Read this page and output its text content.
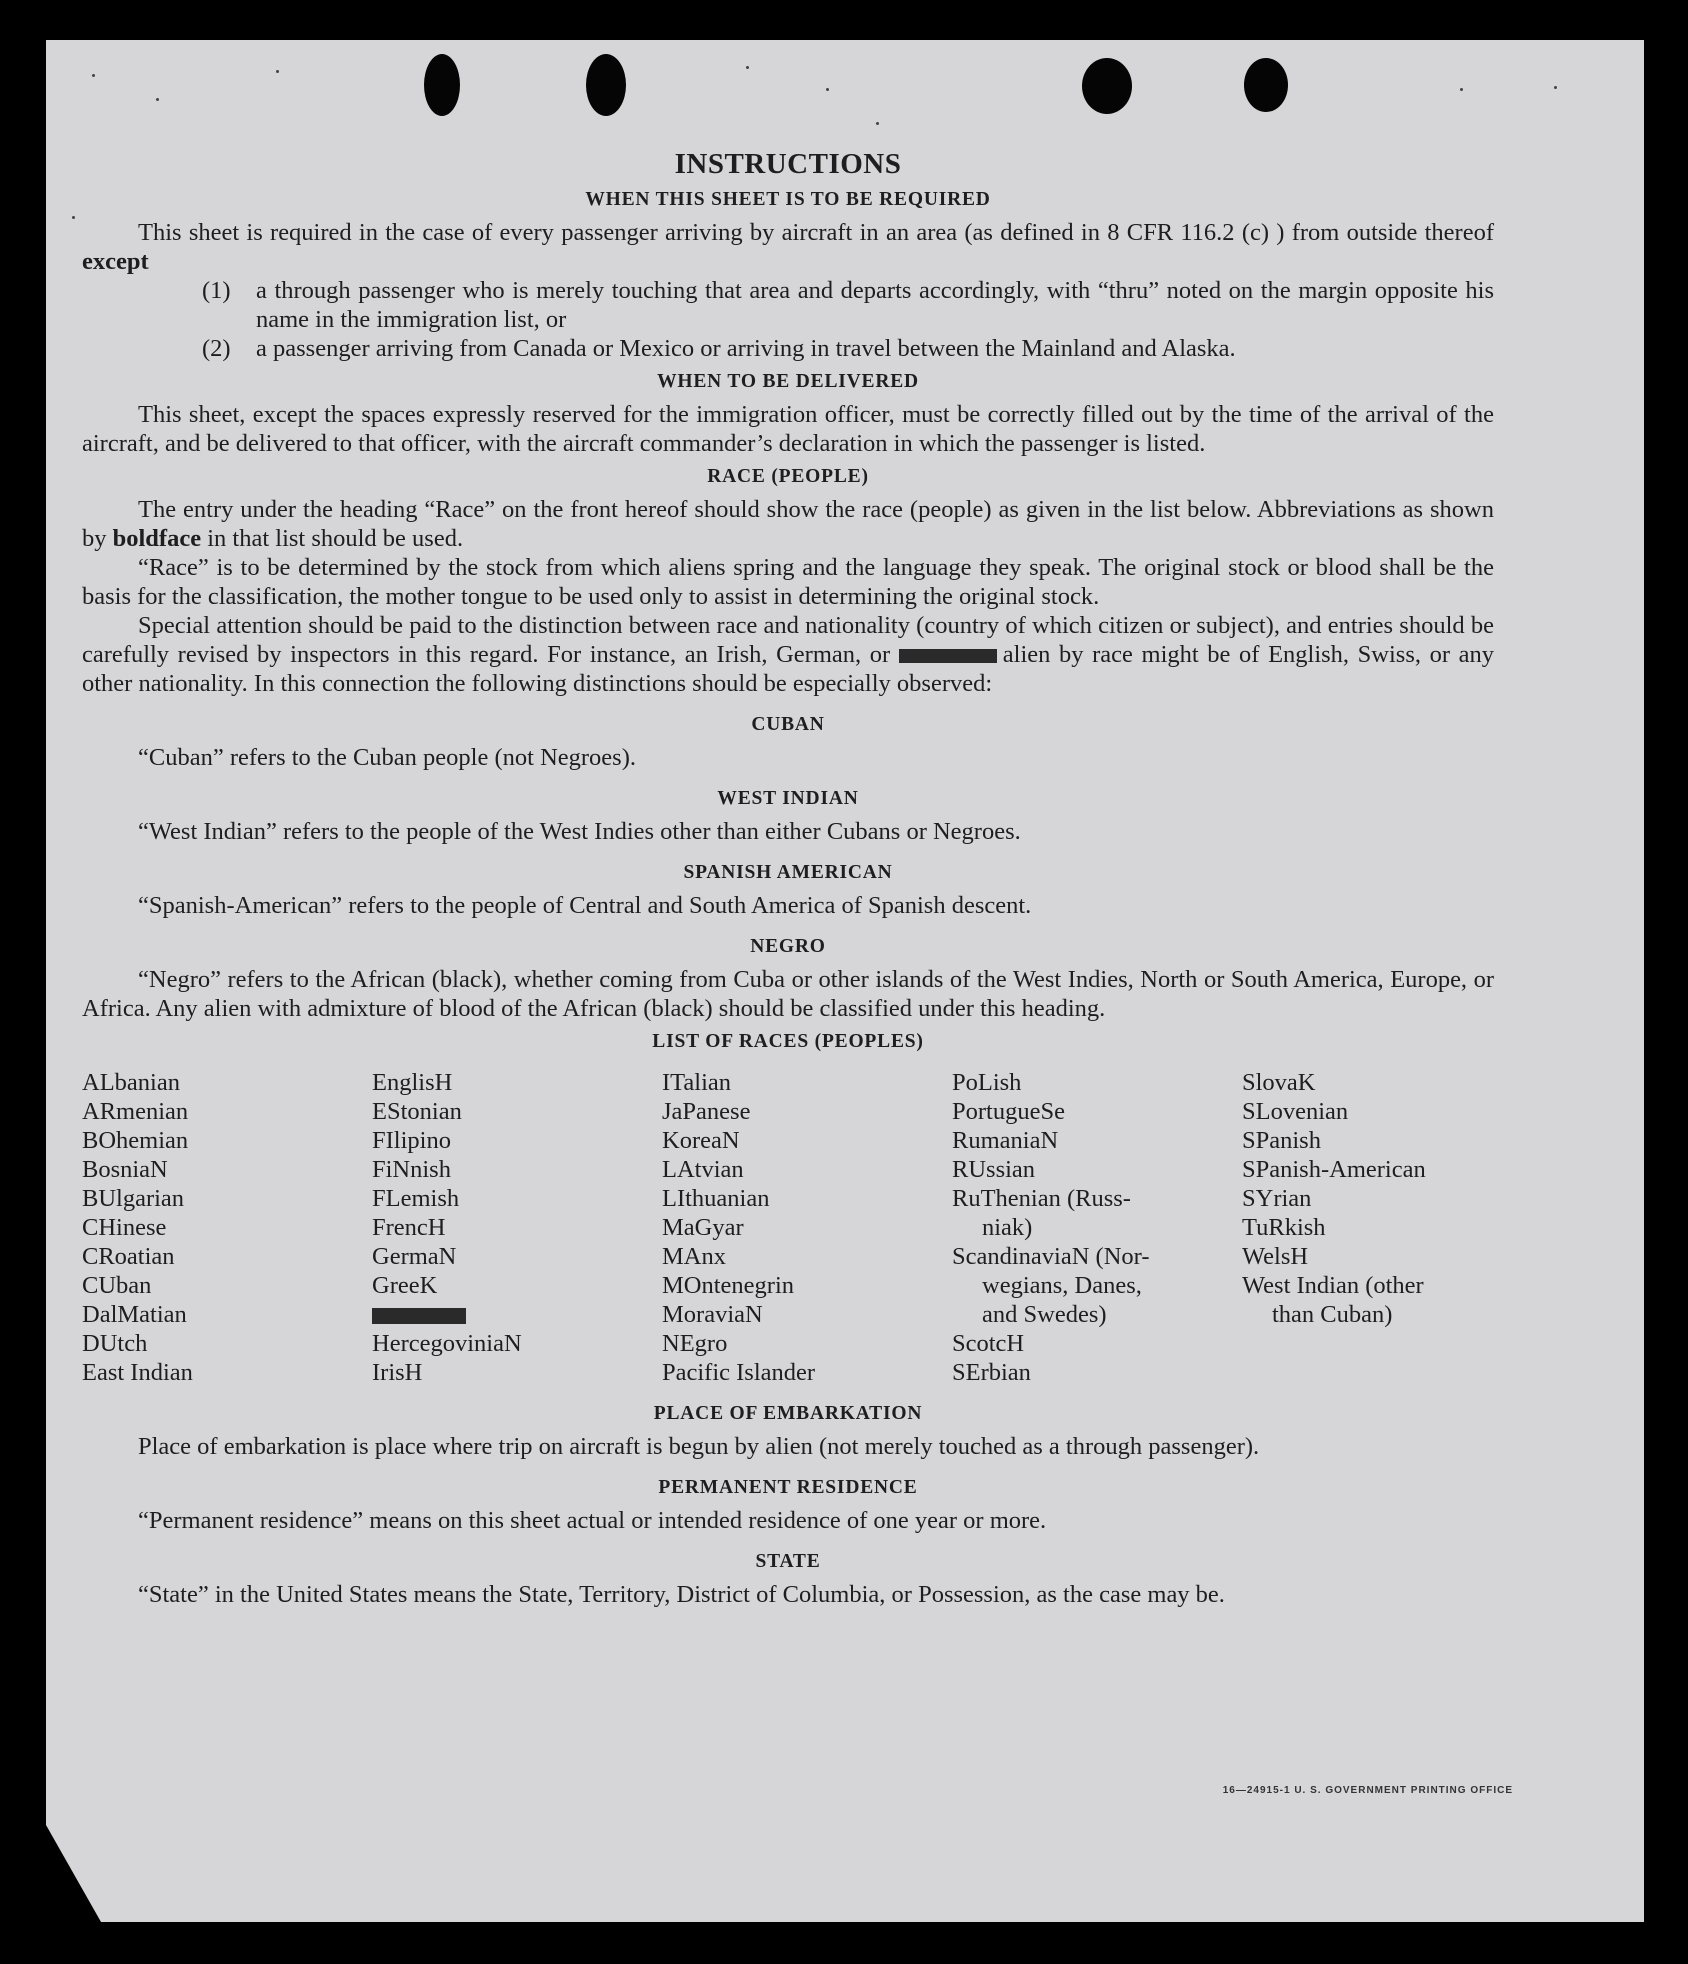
INSTRUCTIONS
WHEN THIS SHEET IS TO BE REQUIRED

This sheet is required in the case of every passenger arriving by aircraft in an area (as defined in 8 CFR 116.2 (c) ) from outside thereof except

(1)	a through passenger who is merely touching that area and departs accordingly, with “thru” noted on the margin opposite his name in the immigration list, or
(2)	a passenger arriving from Canada or Mexico or arriving in travel between the Mainland and Alaska.
WHEN TO BE DELIVERED

This sheet, except the spaces expressly reserved for the immigration officer, must be correctly filled out by the time of the arrival of the aircraft, and be delivered to that officer, with the aircraft commander’s declaration in which the passenger is listed.

RACE (PEOPLE)

The entry under the heading “Race” on the front hereof should show the race (people) as given in the list below. Abbreviations as shown by boldface in that list should be used.

“Race” is to be determined by the stock from which aliens spring and the language they speak. The original stock or blood shall be the basis for the classification, the mother tongue to be used only to assist in determining the original stock.

Special attention should be paid to the distinction between race and nationality (country of which citizen or subject), and entries should be carefully revised by inspectors in this regard. For instance, an Irish, German, or	alien by race might be of English, Swiss, or any other nationality. In this connection the following distinctions should be especially observed:

CUBAN

“Cuban” refers to the Cuban people (not Negroes).

WEST INDIAN

“West Indian” refers to the people of the West Indies other than either Cubans or Negroes.

SPANISH AMERICAN

“Spanish-American” refers to the people of Central and South America of Spanish descent.

NEGRO

“Negro” refers to the African (black), whether coming from Cuba or other islands of the West Indies, North or South America, Europe, or Africa. Any alien with admixture of blood of the African (black) should be classified under this heading.

LIST OF RACES (PEOPLES)
ALbanian
ARmenian
BOhemian
BosniaN
BUlgarian
CHinese
CRoatian
CUban
DalMatian
DUtch
East Indian
EnglisH
EStonian
FIlipino
FiNnish
FLemish
FrencH
GermaN
GreeK
HercegoviniaN
IrisH
ITalian
JaPanese
KoreaN
LAtvian
LIthuanian
MaGyar
MAnx
MOntenegrin
MoraviaN
NEgro
Pacific Islander
PoLish
PortugueSe
RumaniaN
RUssian
RuThenian (Russ-
niak)
ScandinaviaN (Nor-
wegians, Danes,
and Swedes)
ScotcH
SErbian
SlovaK
SLovenian
SPanish
SPanish-American
SYrian
TuRkish
WelsH
West Indian (other
than Cuban)
PLACE OF EMBARKATION

Place of embarkation is place where trip on aircraft is begun by alien (not merely touched as a through passenger).

PERMANENT RESIDENCE

“Permanent residence” means on this sheet actual or intended residence of one year or more.

STATE

“State” in the United States means the State, Territory, District of Columbia, or Possession, as the case may be.

16—24915-1 U. S. GOVERNMENT PRINTING OFFICE
